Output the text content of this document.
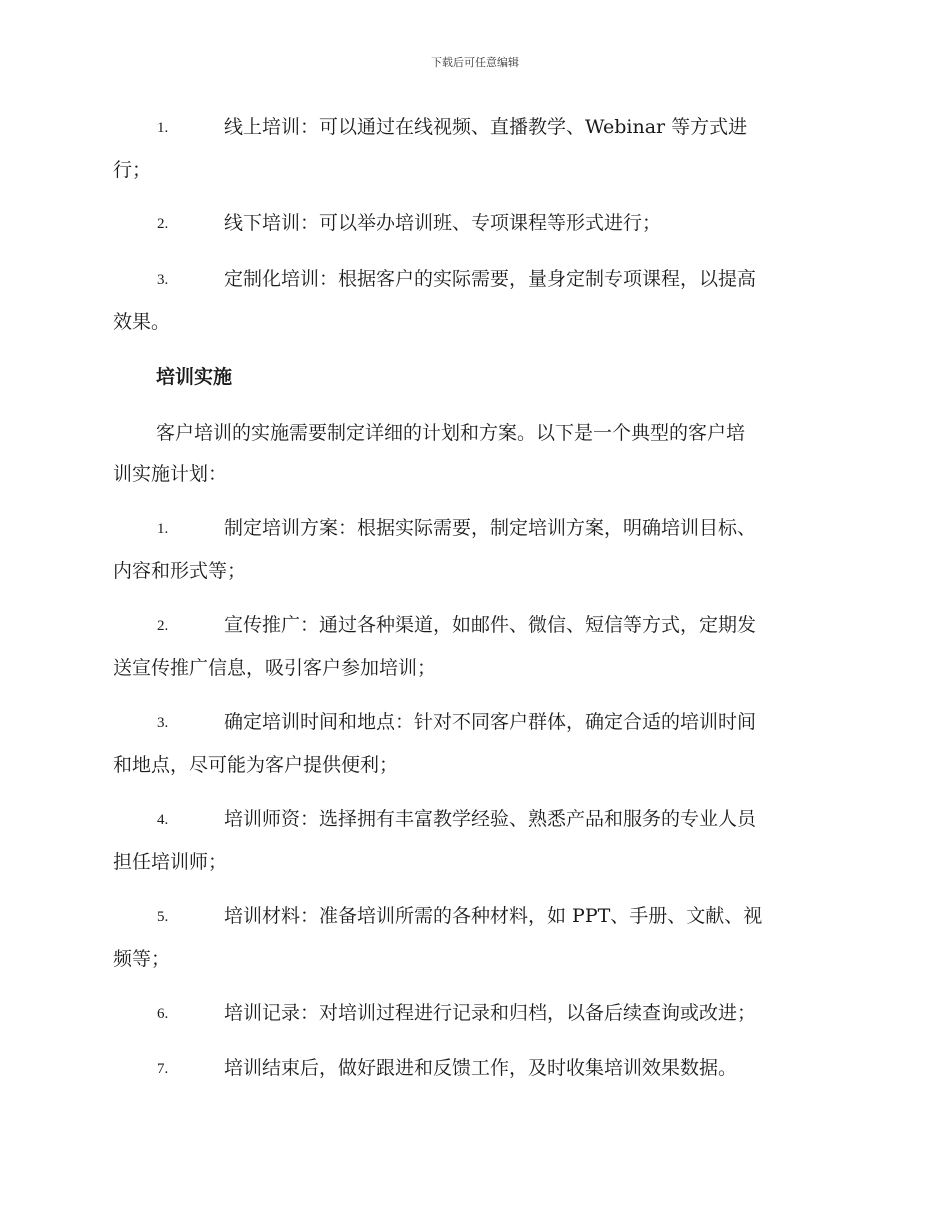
下载后可任意编辑
1.	线上培训：可以通过在线视频、直播教学、Webinar 等方式进
行；
2.	线下培训：可以举办培训班、专项课程等形式进行；
3.	定制化培训：根据客户的实际需要，量身定制专项课程，以提高
效果。
培训实施
客户培训的实施需要制定详细的计划和方案。以下是一个典型的客户培
训实施计划：
1.	制定培训方案：根据实际需要，制定培训方案，明确培训目标、
内容和形式等；
2.	宣传推广：通过各种渠道，如邮件、微信、短信等方式，定期发
送宣传推广信息，吸引客户参加培训；
3.	确定培训时间和地点：针对不同客户群体，确定合适的培训时间
和地点，尽可能为客户提供便利；
4.	培训师资：选择拥有丰富教学经验、熟悉产品和服务的专业人员
担任培训师；
5.	培训材料：准备培训所需的各种材料，如 PPT、手册、文献、视
频等；
6.	培训记录：对培训过程进行记录和归档，以备后续查询或改进；
7.	培训结束后，做好跟进和反馈工作，及时收集培训效果数据。
